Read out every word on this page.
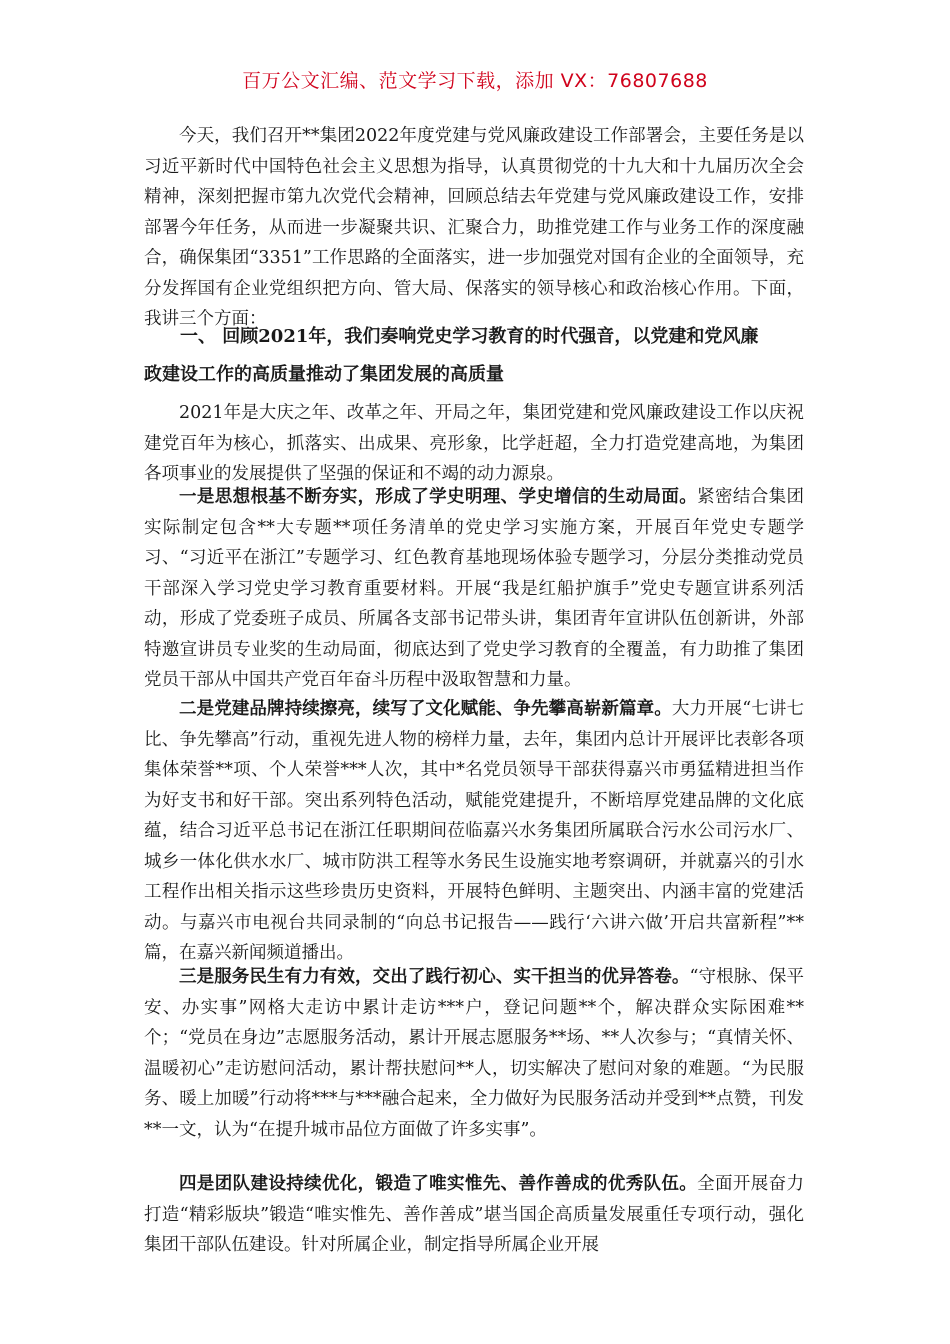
百万公文汇编、范文学习下载，添加 VX：76807688

今天，我们召开**集团2022年度党建与党风廉政建设工作部署会，主要任务是以习近平新时代中国特色社会主义思想为指导，认真贯彻党的十九大和十九届历次全会精神，深刻把握市第九次党代会精神，回顾总结去年党建与党风廉政建设工作，安排部署今年任务，从而进一步凝聚共识、汇聚合力，助推党建工作与业务工作的深度融合，确保集团“3351”工作思路的全面落实，进一步加强党对国有企业的全面领导，充分发挥国有企业党组织把方向、管大局、保落实的领导核心和政治核心作用。下面，我讲三个方面：

一、 回顾2021年，我们奏响党史学习教育的时代强音，以党建和党风廉
政建设工作的高质量推动了集团发展的高质量

2021年是大庆之年、改革之年、开局之年，集团党建和党风廉政建设工作以庆祝建党百年为核心，抓落实、出成果、亮形象，比学赶超，全力打造党建高地，为集团各项事业的发展提供了坚强的保证和不竭的动力源泉。

一是思想根基不断夯实，形成了学史明理、学史增信的生动局面。紧密结合集团实际制定包含**大专题**项任务清单的党史学习实施方案，开展百年党史专题学习、“习近平在浙江”专题学习、红色教育基地现场体验专题学习，分层分类推动党员干部深入学习党史学习教育重要材料。开展“我是红船护旗手”党史专题宣讲系列活动，形成了党委班子成员、所属各支部书记带头讲，集团青年宣讲队伍创新讲，外部特邀宣讲员专业奖的生动局面，彻底达到了党史学习教育的全覆盖，有力助推了集团党员干部从中国共产党百年奋斗历程中汲取智慧和力量。

二是党建品牌持续擦亮，续写了文化赋能、争先攀高崭新篇章。大力开展“七讲七比、争先攀高”行动，重视先进人物的榜样力量，去年，集团内总计开展评比表彰各项集体荣誉**项、个人荣誉***人次，其中*名党员领导干部获得嘉兴市勇猛精进担当作为好支书和好干部。突出系列特色活动，赋能党建提升，不断培厚党建品牌的文化底蕴，结合习近平总书记在浙江任职期间莅临嘉兴水务集团所属联合污水公司污水厂、城乡一体化供水水厂、城市防洪工程等水务民生设施实地考察调研，并就嘉兴的引水工程作出相关指示这些珍贵历史资料，开展特色鲜明、主题突出、内涵丰富的党建活动。与嘉兴市电视台共同录制的“向总书记报告——践行‘六讲六做’开启共富新程”**篇，在嘉兴新闻频道播出。

三是服务民生有力有效，交出了践行初心、实干担当的优异答卷。“守根脉、保平安、办实事”网格大走访中累计走访***户，登记问题**个，解决群众实际困难**个；“党员在身边”志愿服务活动，累计开展志愿服务**场、**人次参与；“真情关怀、温暖初心”走访慰问活动，累计帮扶慰问**人，切实解决了慰问对象的难题。“为民服务、暖上加暖”行动将***与***融合起来，全力做好为民服务活动并受到**点赞，刊发**一文，认为“在提升城市品位方面做了许多实事”。

四是团队建设持续优化，锻造了唯实惟先、善作善成的优秀队伍。全面开展奋力打造“精彩版块”锻造“唯实惟先、善作善成”堪当国企高质量发展重任专项行动，强化集团干部队伍建设。针对所属企业，制定指导所属企业开展
